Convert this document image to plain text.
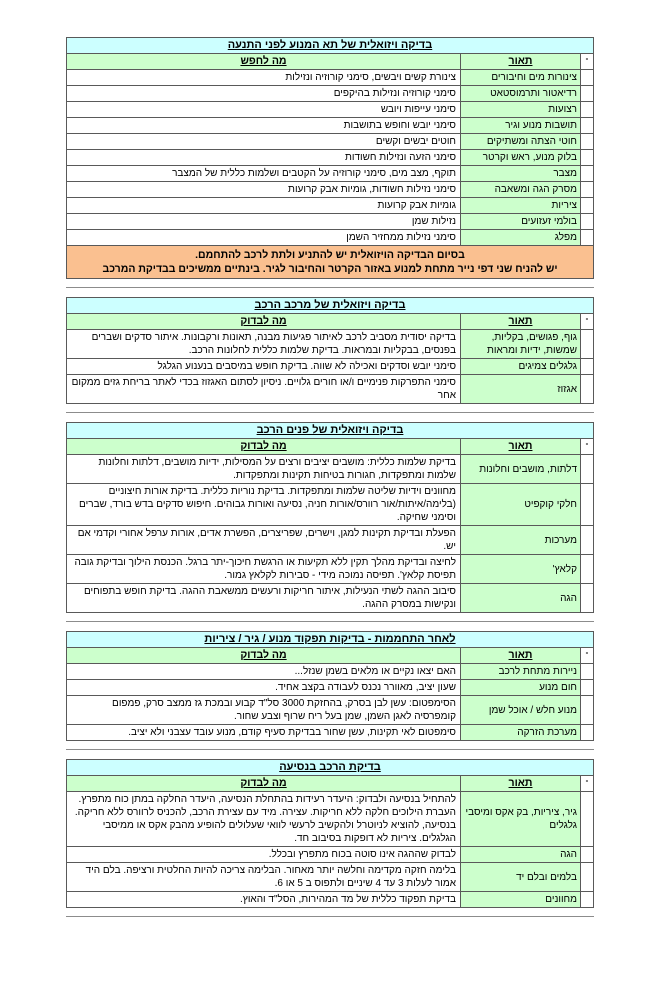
בדיקה ויזואלית של תא המנוע לפני התנעה
-
תאור
מה לחפש
צינורות מים וחיבורים
צינורת קשים ויבשים, סימני קורוזיה ונזילות
רדיאטור ותרמוסטאט
סימני קורוזיה ונזילות בהיקפים
רצועות
סימני עייפות ויובש
תושבות מנוע וגיר
סימני יובש וחופש בתושבות
חוטי הצתה ומשתיקים
חוטים יבשים וקשים
בלוק מנוע, ראש וקרטר
סימני הזעה ונזילות חשודות
מצבר
תוקף, מצב מים, סימני קורוזיה על הקטבים ושלמות כללית של המצבר
מסרק הגה ומשאבה
סימני נזילות חשודות, גומיות אבק קרועות
ציריות
גומיות אבק קרועות
בולמי זעזועים
נזילות שמן
מפלג
סימני נזילות ממחזיר השמן
בסיום הבדיקה הויזואלית יש להתניע ולתת לרכב להתחמם.
יש להניח שני דפי נייר מתחת למנוע באזור הקרטר והחיבור לגיר. בינתיים ממשיכים בבדיקת המרכב
בדיקה ויזואלית של מרכב הרכב
-
תאור
מה לבדוק
גוף, פגושים, בקליות, שמשות, ידיות ומראות
בדיקה יסודית מסביב לרכב לאיתור פגיעות מבנה, תאונות ורקבונות. איתור סדקים ושברים בפנסים, בבקליות ובמראות. בדיקת שלמות כללית לחלונות הרכב.
גלגלים צמיגים
סימני יובש וסדקים ואכילה לא שווה. בדיקת חופש במיסבים בנענוע הגלגל
אגזוז
סימני התפרקות פנימיים ו/או חורים גלויים. ניסיון לסתום האגזוז בכדי לאתר בריחת גזים ממקום אחר
בדיקה ויזואלית של פנים הרכב
-
תאור
מה לבדוק
דלתות, מושבים וחלונות
בדיקת שלמות כללית: מושבים יציבים ורצים על המסילות, ידיות מושבים, דלתות וחלונות שלמות ומתפקדות, חגורות בטיחות תקינות ומתפקדות.
חלקי קוקפיט
מחוונים וידיות שליטה שלמות ומתפקדות. בדיקת נוריות כללית. בדיקת אורות חיצוניים (בלימה/איתות/אור רוורס/אורות חניה, נסיעה ואורות גבוהים. חיפוש סדקים בדש בורד, שברים וסימני שחיקה.
מערכות
הפעלת ובדיקת תקינות למגן, וישרים, שפריצרים, הפשרת אדים, אורות ערפל אחורי וקדמי אם יש.
קלאץ'
לחיצה ובדיקת מהלך תקין ללא תקיעות או הרגשת חיכוך-יתר ברגל. הכנסת הילוך ובדיקת גובה תפיסת קלאץ'. תפיסה נמוכה מידי - סבירות לקלאץ גמור.
הגה
סיבוב ההגה לשתי הנעילות, איתור חריקות ורעשים ממשאבת ההגה. בדיקת חופש בתפוחים ונקישות במסרק ההגה.
לאחר התחממות - בדיקות תפקוד מנוע / גיר / ציריות
-
תאור
מה לבדוק
ניירות מתחת לרכב
האם יצאו נקיים או מלאים בשמן שנזל...
חום מנוע
שעון יציב, מאוורר נכנס לעבודה בקצב אחיד.
מנוע חלש / אוכל שמן
הסימפטום: עשן לבן בסרק, בהחזקת 3000 סל"ד קבוע ובמכת גז ממצב סרק, פמפום קומפרסיה לאגן השמן, שמן בעל ריח שרוף וצבע שחור.
מערכת הזרקה
סימפטום לאי תקינות, עשן שחור בבדיקת סעיף קודם, מנוע עובד עצבני ולא יציב.
בדיקת הרכב בנסיעה
-
תאור
מה לבדוק
גיר, ציריות, בק אקס ומיסבי גלגלים
להתחיל בנסיעה ולבדוק: היעדר רעידות בהתחלת הנסיעה, היעדר החלקה במתן כוח מתפרץ. העברת הילוכים חלקה ללא חריקות. עצירה. מיד עם עצירת הרכב, להכניס לרוורס ללא חריקה. בנסיעה, להוציא לניוטרל ולהקשיב לרעשי לוואי שעלולים להופיע מהבק אקס או ממיסבי הגלגלים. ציריות לא דופקות בסיבוב חד.
הגה
לבדוק שההגה אינו סוטה בכוח מתפרץ ובכלל.
בלמים ובלם יד
בלימה חזקה מקדימה וחלשה יותר מאחור. הבלימה צריכה להיות החלטית ורציפה. בלם היד אמור לעלות 3 עד 4 שיניים ולתפוס ב 5 או 6.
מחוונים
בדיקת תפקוד כללית של מד המהירות, הסל"ד והאוץ.
